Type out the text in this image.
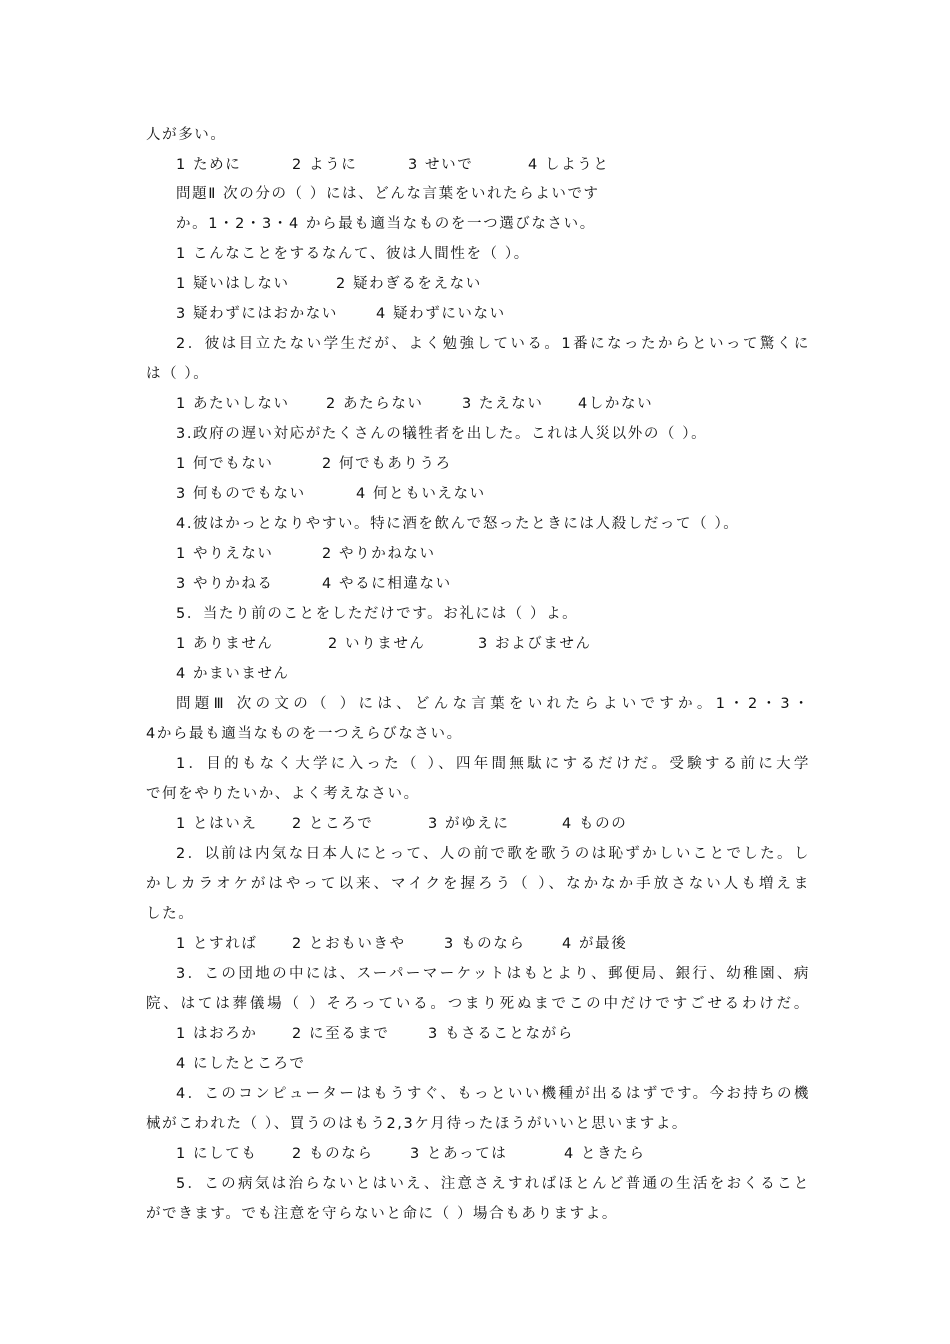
人が多い。
1 ために	2 ように	3 せいで	4 しようと
問題Ⅱ 次の分の（ ）には、どんな言葉をいれたらよいです
か。1・2・3・4 から最も適当なものを一つ選びなさい。
1 こんなことをするなんて、彼は人間性を（ ）。
1 疑いはしない	2 疑わぎるをえない
3 疑わずにはおかない	4 疑わずにいない
2．彼は目立たない学生だが、よく勉強している。1番になったからといって驚くに
は（ ）。
1 あたいしない	2 あたらない	3 たえない	4しかない
3.政府の遅い対応がたくさんの犠牲者を出した。これは人災以外の（ ）。
1 何でもない	2 何でもありうろ
3 何ものでもない	4 何ともいえない
4.彼はかっとなりやすい。特に酒を飲んで怒ったときには人殺しだって（ ）。
1 やりえない	2 やりかねない
3 やりかねる	4 やるに相違ない
5．当たり前のことをしただけです。お礼には（ ）よ。
1 ありません	2 いりません	3 およびません
4 かまいません
問題Ⅲ 次の文の（ ）には、どんな言葉をいれたらよいですか。1・2・3・
4から最も適当なものを一つえらびなさい。
1．目的もなく大学に入った（ ）、四年間無駄にするだけだ。受験する前に大学
で何をやりたいか、よく考えなさい。
1 とはいえ	2 ところで	3 がゆえに	4 ものの
2．以前は内気な日本人にとって、人の前で歌を歌うのは恥ずかしいことでした。し
かしカラオケがはやって以来、マイクを握ろう（ ）、なかなか手放さない人も増えま
した。
1 とすれば	2 とおもいきや	3 ものなら	4 が最後
3．この団地の中には、スーパーマーケットはもとより、郵便局、銀行、幼稚園、病
院、はては葬儀場（ ）そろっている。つまり死ぬまでこの中だけですごせるわけだ。
1 はおろか	2 に至るまで	3 もさることながら
4 にしたところで
4．このコンピューターはもうすぐ、もっといい機種が出るはずです。今お持ちの機
械がこわれた（ ）、買うのはもう2,3ケ月待ったほうがいいと思いますよ。
1 にしても	2 ものなら	3 とあっては	4 ときたら
5．この病気は治らないとはいえ、注意さえすればほとんど普通の生活をおくること
ができます。でも注意を守らないと命に（ ）場合もありますよ。
